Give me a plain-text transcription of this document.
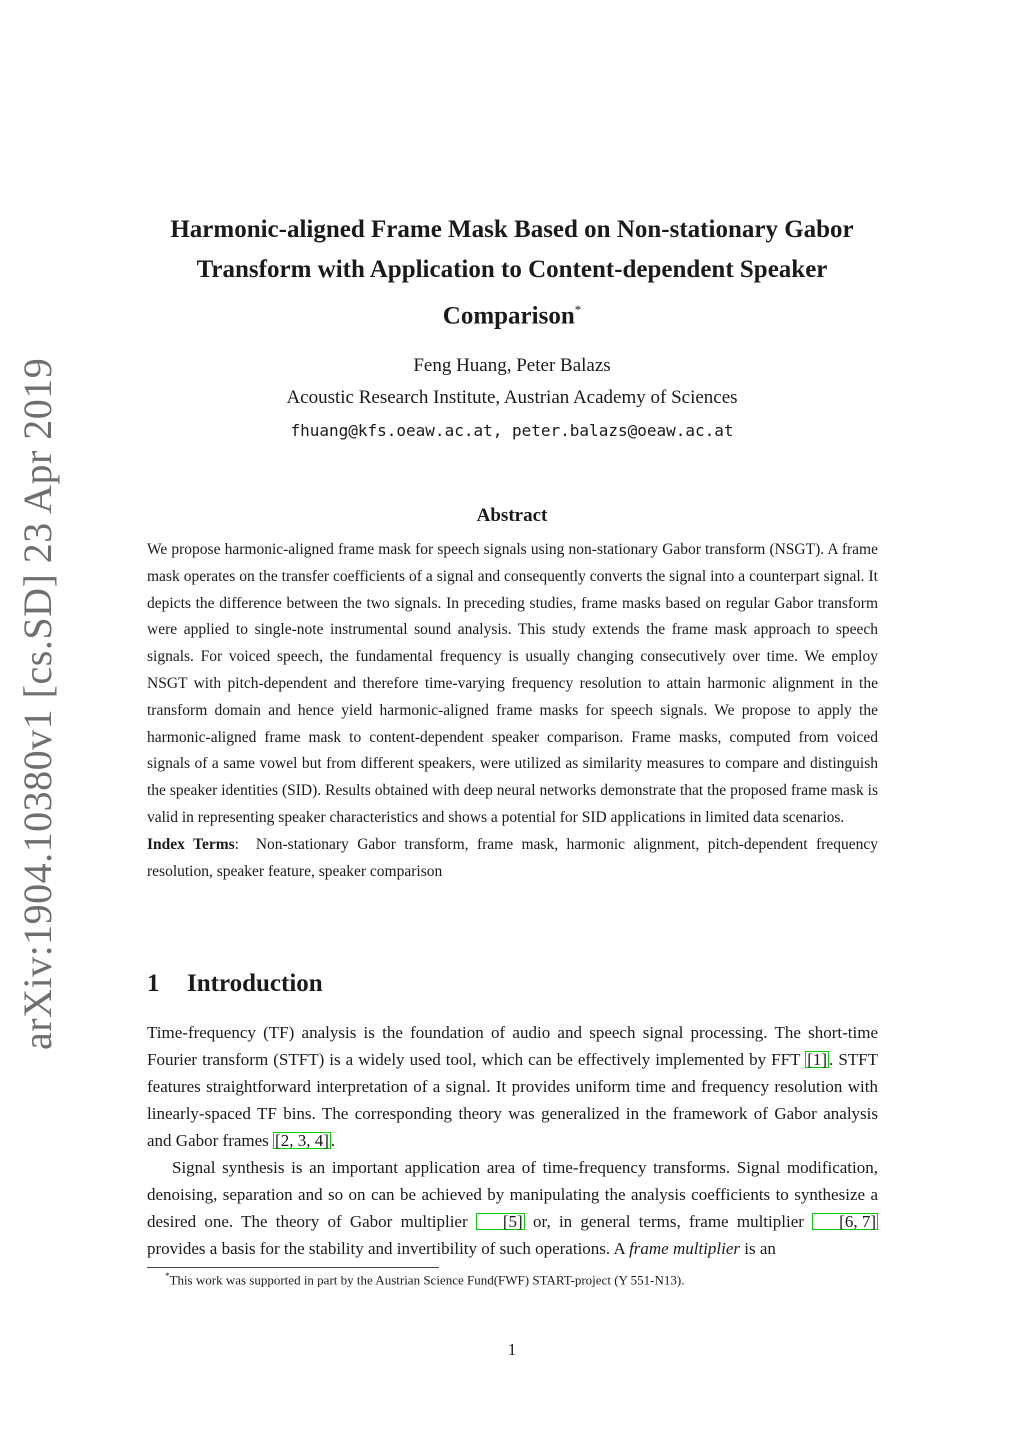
arXiv:1904.10380v1 [cs.SD] 23 Apr 2019
Harmonic-aligned Frame Mask Based on Non-stationary Gabor Transform with Application to Content-dependent Speaker Comparison*
Feng Huang, Peter Balazs
Acoustic Research Institute, Austrian Academy of Sciences
fhuang@kfs.oeaw.ac.at, peter.balazs@oeaw.ac.at
Abstract

We propose harmonic-aligned frame mask for speech signals using non-stationary Gabor transform (NSGT). A frame mask operates on the transfer coefficients of a signal and consequently converts the signal into a counterpart signal. It depicts the difference between the two signals. In preceding studies, frame masks based on regular Gabor transform were applied to single-note instrumental sound analysis. This study extends the frame mask approach to speech signals. For voiced speech, the fundamental frequency is usually changing consecutively over time. We employ NSGT with pitch-dependent and therefore time-varying frequency resolution to attain harmonic alignment in the transform domain and hence yield harmonic-aligned frame masks for speech signals. We propose to apply the harmonic-aligned frame mask to content-dependent speaker comparison. Frame masks, computed from voiced signals of a same vowel but from different speakers, were utilized as similarity measures to compare and distinguish the speaker identities (SID). Results obtained with deep neural networks demonstrate that the proposed frame mask is valid in representing speaker characteristics and shows a potential for SID applications in limited data scenarios.

Index Terms:  Non-stationary Gabor transform, frame mask, harmonic alignment, pitch-dependent frequency resolution, speaker feature, speaker comparison

1 Introduction

Time-frequency (TF) analysis is the foundation of audio and speech signal processing. The short-time Fourier transform (STFT) is a widely used tool, which can be effectively implemented by FFT [1] . STFT features straightforward interpretation of a signal. It provides uniform time and frequency resolution with linearly-spaced TF bins. The corresponding theory was generalized in the framework of Gabor analysis and Gabor frames [2, 3, 4] .

Signal synthesis is an important application area of time-frequency transforms. Signal modification, denoising, separation and so on can be achieved by manipulating the analysis coefficients to synthesize a desired one. The theory of Gabor multiplier [5] or, in general terms, frame multiplier [6, 7] provides a basis for the stability and invertibility of such operations. A frame multiplier is an

*This work was supported in part by the Austrian Science Fund(FWF) START-project (Y 551-N13).
1
